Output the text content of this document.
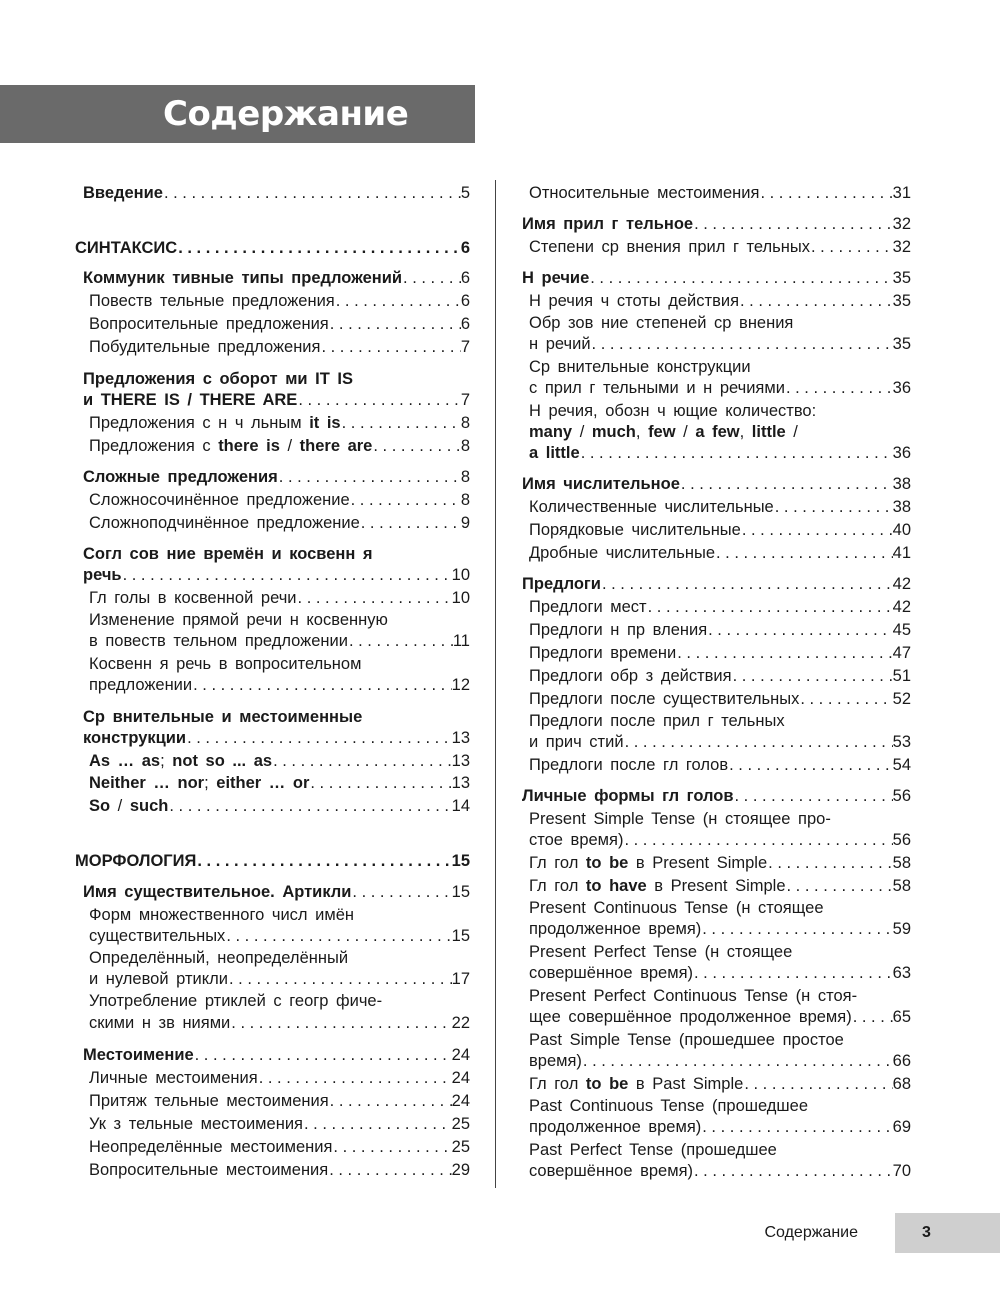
Содержание
Введение . . .	5
СИНТАКСИС . . .	6
Коммуник тивные типы предложений . . .	6
Повеств тельные предложения . . .	6
Вопросительные предложения . . .	6
Побудительные предложения . . .	7
Предложения с оборот ми IT IS
и THERE IS / THERE ARE . . .	7
Предложения с н ч льным it is . . .	8
Предложения с there is / there are . . .	8
Сложные предложения . . .	8
Сложносочинённое предложение . . .	8
Сложноподчинённое предложение . . .	9
Согл сов ние времён и косвенн я
речь . . .	10
Гл голы в косвенной речи . . .	10
Изменение прямой речи н косвенную
в повеств тельном предложении . . .	11
Косвенн я речь в вопросительном
предложении . . .	12
Ср внительные и местоименные
конструкции . . .	13
As … as; not so ... as . . .	13
Neither … nor; either … or . . .	13
So / such . . .	14
МОРФОЛОГИЯ . . .	15
Имя существительное. Артикли . . .	15
Форм множественного числ имён
существительных . . .	15
Определённый, неопределённый
и нулевой ртикли . . .	17
Употребление ртиклей с геогр фиче-
скими н зв ниями . . .	22
Местоимение . . .	24
Личные местоимения . . .	24
Притяж тельные местоимения . . .	24
Ук з тельные местоимения . . .	25
Неопределённые местоимения . . .	25
Вопросительные местоимения . . .	29
Относительные местоимения . . .	31
Имя прил г тельное . . .	32
Степени ср внения прил г тельных . . .	32
Н речие . . .	35
Н речия ч стоты действия . . .	35
Обр зов ние степеней ср внения
н речий . . .	35
Ср внительные конструкции
с прил г тельными и н речиями . . .	36
Н речия, обозн ч ющие количество:
many / much, few / a few, little /
a little . . .	36
Имя числительное . . .	38
Количественные числительные . . .	38
Порядковые числительные . . .	40
Дробные числительные . . .	41
Предлоги . . .	42
Предлоги мест . . .	42
Предлоги н пр вления . . .	45
Предлоги времени . . .	47
Предлоги обр з действия . . .	51
Предлоги после существительных . . .	52
Предлоги после прил г тельных
и прич стий . . .	53
Предлоги после гл голов . . .	54
Личные формы гл голов . . .	56
Present Simple Tense (н стоящее про-
стое время) . . .	56
Гл гол to be в Present Simple . . .	58
Гл гол to have в Present Simple . . .	58
Present Continuous Tense (н стоящее
продолженное время) . . .	59
Present Perfect Tense (н стоящее
совершённое время) . . .	63
Present Perfect Continuous Tense (н стоя-
щее совершённое продолженное время) . . . 65
Past Simple Tense (прошедшее простое
время) . . .	66
Гл гол to be в Past Simple . . .	68
Past Continuous Tense (прошедшее
продолженное время) . . .	69
Past Perfect Tense (прошедшее
совершённое время) . . .	70
Содержание	3
